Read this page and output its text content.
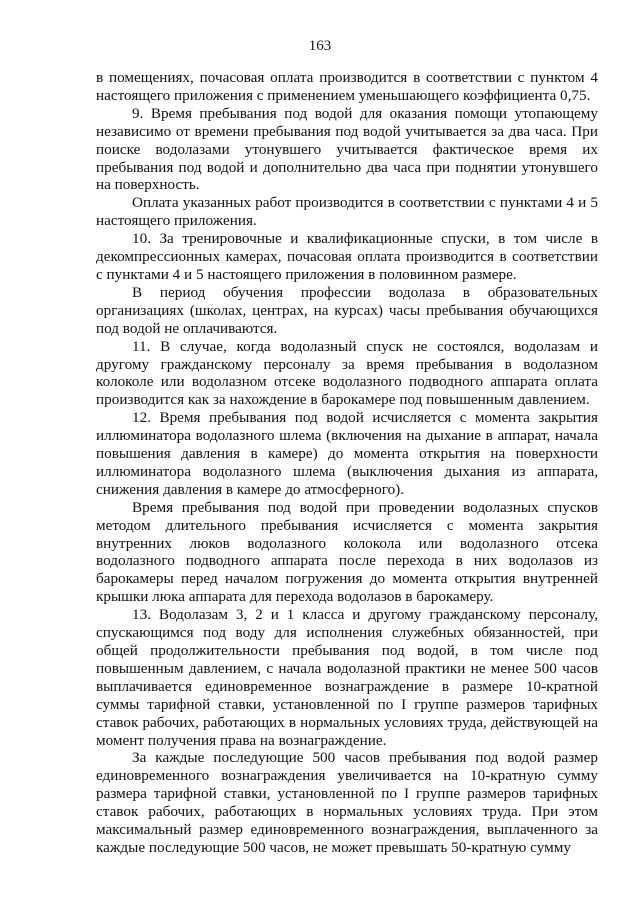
163

в помещениях, почасовая оплата производится в соответствии с пунктом 4 настоящего приложения с применением уменьшающего коэффициента 0,75.

9. Время пребывания под водой для оказания помощи утопающему независимо от времени пребывания под водой учитывается за два часа. При поиске водолазами утонувшего учитывается фактическое время их пребывания под водой и дополнительно два часа при поднятии утонувшего на поверхность.

Оплата указанных работ производится в соответствии с пунктами 4 и 5 настоящего приложения.

10. За тренировочные и квалификационные спуски, в том числе в декомпрессионных камерах, почасовая оплата производится в соответствии с пунктами 4 и 5 настоящего приложения в половинном размере.

В период обучения профессии водолаза в образовательных организациях (школах, центрах, на курсах) часы пребывания обучающихся под водой не оплачиваются.

11. В случае, когда водолазный спуск не состоялся, водолазам и другому гражданскому персоналу за время пребывания в водолазном колоколе или водолазном отсеке водолазного подводного аппарата оплата производится как за нахождение в барокамере под повышенным давлением.

12. Время пребывания под водой исчисляется с момента закрытия иллюминатора водолазного шлема (включения на дыхание в аппарат, начала повышения давления в камере) до момента открытия на поверхности иллюминатора водолазного шлема (выключения дыхания из аппарата, снижения давления в камере до атмосферного).

Время пребывания под водой при проведении водолазных спусков методом длительного пребывания исчисляется с момента закрытия внутренних люков водолазного колокола или водолазного отсека водолазного подводного аппарата после перехода в них водолазов из барокамеры перед началом погружения до момента открытия внутренней крышки люка аппарата для перехода водолазов в барокамеру.

13. Водолазам 3, 2 и 1 класса и другому гражданскому персоналу, спускающимся под воду для исполнения служебных обязанностей, при общей продолжительности пребывания под водой, в том числе под повышенным давлением, с начала водолазной практики не менее 500 часов выплачивается единовременное вознаграждение в размере 10-кратной суммы тарифной ставки, установленной по I группе размеров тарифных ставок рабочих, работающих в нормальных условиях труда, действующей на момент получения права на вознаграждение.

За каждые последующие 500 часов пребывания под водой размер единовременного вознаграждения увеличивается на 10-кратную сумму размера тарифной ставки, установленной по I группе размеров тарифных ставок рабочих, работающих в нормальных условиях труда. При этом максимальный размер единовременного вознаграждения, выплаченного за каждые последующие 500 часов, не может превышать 50-кратную сумму
